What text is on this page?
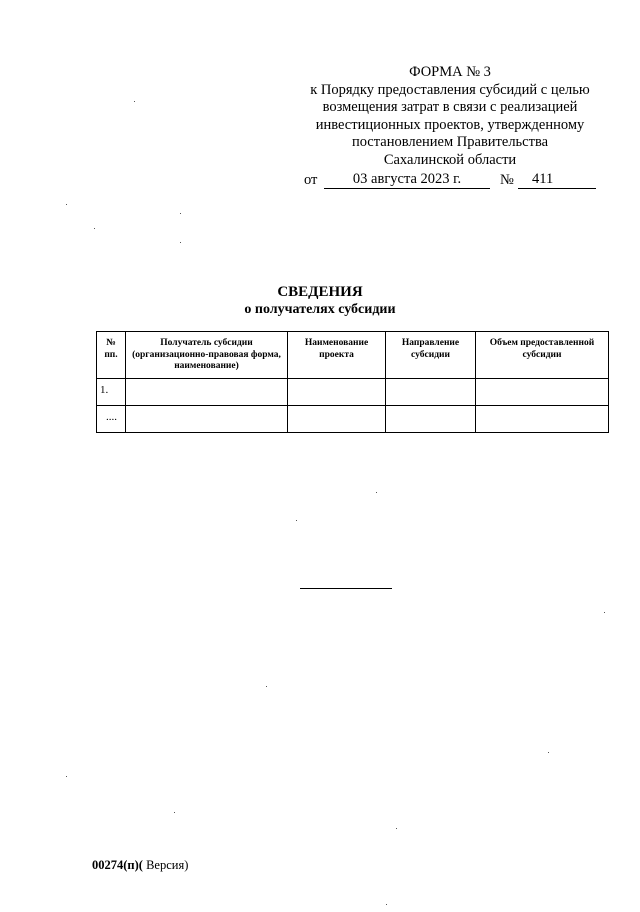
ФОРМА № 3
к Порядку предоставления субсидий с целью
возмещения затрат в связи с реализацией
инвестиционных проектов, утвержденному
постановлением Правительства
Сахалинской области
от	03 августа 2023 г.	№	411
СВЕДЕНИЯ
о получателях субсидии
№ пп.	Получатель субсидии (организационно-правовая форма, наименование)	Наименование проекта	Направление субсидии	Объем предоставленной субсидии
1.				
....				
00274(п)( Версия)
